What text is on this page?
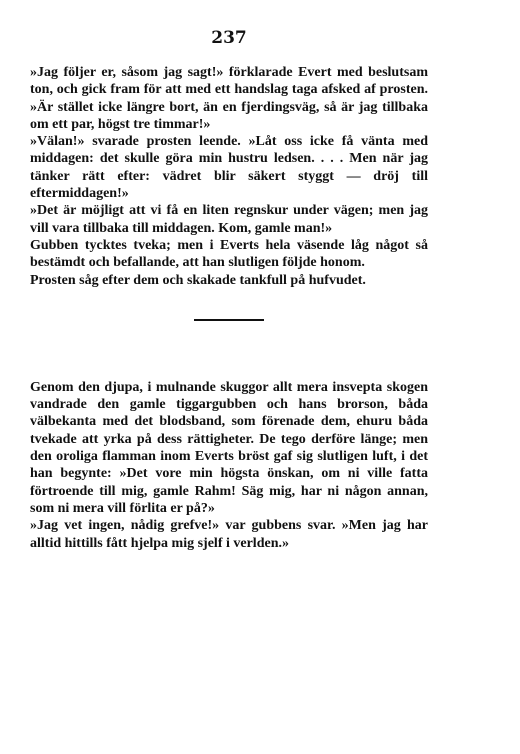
237

»Jag följer er, såsom jag sagt!» förklarade Evert med beslutsam ton, och gick fram för att med ett handslag taga afsked af prosten. »Är stället icke längre bort, än en fjerdingsväg, så är jag tillbaka om ett par, högst tre timmar!»

»Välan!» svarade prosten leende. »Låt oss icke få vänta med middagen: det skulle göra min hustru ledsen. . . . Men när jag tänker rätt efter: vädret blir säkert styggt — dröj till eftermiddagen!»

»Det är möjligt att vi få en liten regnskur under vägen; men jag vill vara tillbaka till middagen. Kom, gamle man!»

Gubben tycktes tveka; men i Everts hela väsende låg något så bestämdt och befallande, att han slutligen följde honom.

Prosten såg efter dem och skakade tankfull på hufvudet.

Genom den djupa, i mulnande skuggor allt mera insvepta skogen vandrade den gamle tiggargubben och hans brorson, båda välbekanta med det blodsband, som förenade dem, ehuru båda tvekade att yrka på dess rättigheter. De tego derföre länge; men den oroliga flamman inom Everts bröst gaf sig slutligen luft, i det han begynte: »Det vore min högsta önskan, om ni ville fatta förtroende till mig, gamle Rahm! Säg mig, har ni någon annan, som ni mera vill förlita er på?»

»Jag vet ingen, nådig grefve!» var gubbens svar. »Men jag har alltid hittills fått hjelpa mig sjelf i verlden.»
